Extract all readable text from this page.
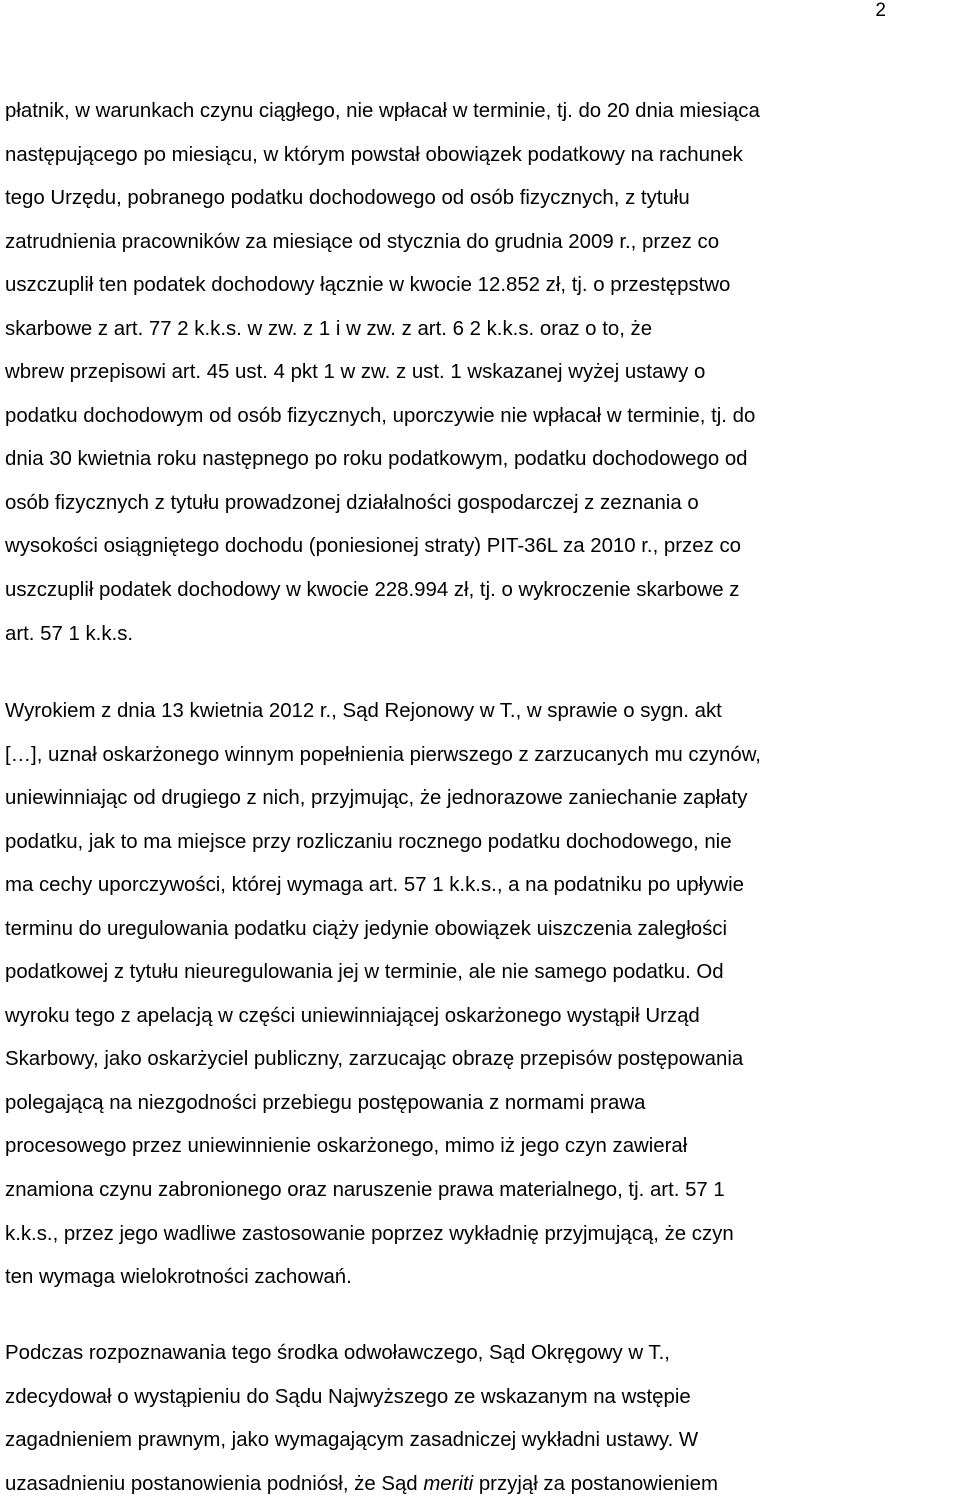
2
płatnik, w warunkach czynu ciągłego, nie wpłacał w terminie, tj. do 20 dnia miesiąca
następującego po miesiącu, w którym powstał obowiązek podatkowy na rachunek
tego Urzędu, pobranego podatku dochodowego od osób fizycznych, z tytułu
zatrudnienia pracowników za miesiące od stycznia do grudnia 2009 r., przez co
uszczuplił ten podatek dochodowy łącznie w kwocie 12.852 zł, tj. o przestępstwo
skarbowe z art. 77 2 k.k.s. w zw. z 1 i w zw. z art. 6 2 k.k.s. oraz o to, że
wbrew przepisowi art. 45 ust. 4 pkt 1 w zw. z ust. 1 wskazanej wyżej ustawy o
podatku dochodowym od osób fizycznych, uporczywie nie wpłacał w terminie, tj. do
dnia 30 kwietnia roku następnego po roku podatkowym, podatku dochodowego od
osób fizycznych z tytułu prowadzonej działalności gospodarczej z zeznania o
wysokości osiągniętego dochodu (poniesionej straty) PIT-36L za 2010 r., przez co
uszczuplił podatek dochodowy w kwocie 228.994 zł, tj. o wykroczenie skarbowe z
art. 57 1 k.k.s.
Wyrokiem z dnia 13 kwietnia 2012 r., Sąd Rejonowy w T., w sprawie o sygn. akt
[…], uznał oskarżonego winnym popełnienia pierwszego z zarzucanych mu czynów,
uniewinniając od drugiego z nich, przyjmując, że jednorazowe zaniechanie zapłaty
podatku, jak to ma miejsce przy rozliczaniu rocznego podatku dochodowego, nie
ma cechy uporczywości, której wymaga art. 57 1 k.k.s., a na podatniku po upływie
terminu do uregulowania podatku ciąży jedynie obowiązek uiszczenia zaległości
podatkowej z tytułu nieuregulowania jej w terminie, ale nie samego podatku. Od
wyroku tego z apelacją w części uniewinniającej oskarżonego wystąpił Urząd
Skarbowy, jako oskarżyciel publiczny, zarzucając obrazę przepisów postępowania
polegającą na niezgodności przebiegu postępowania z normami prawa
procesowego przez uniewinnienie oskarżonego, mimo iż jego czyn zawierał
znamiona czynu zabronionego oraz naruszenie prawa materialnego, tj. art. 57 1
k.k.s., przez jego wadliwe zastosowanie poprzez wykładnię przyjmującą, że czyn
ten wymaga wielokrotności zachowań.
Podczas rozpoznawania tego środka odwoławczego, Sąd Okręgowy w T.,
zdecydował o wystąpieniu do Sądu Najwyższego ze wskazanym na wstępie
zagadnieniem prawnym, jako wymagającym zasadniczej wykładni ustawy. W
uzasadnieniu postanowienia podniósł, że Sąd meriti przyjął za postanowieniem
